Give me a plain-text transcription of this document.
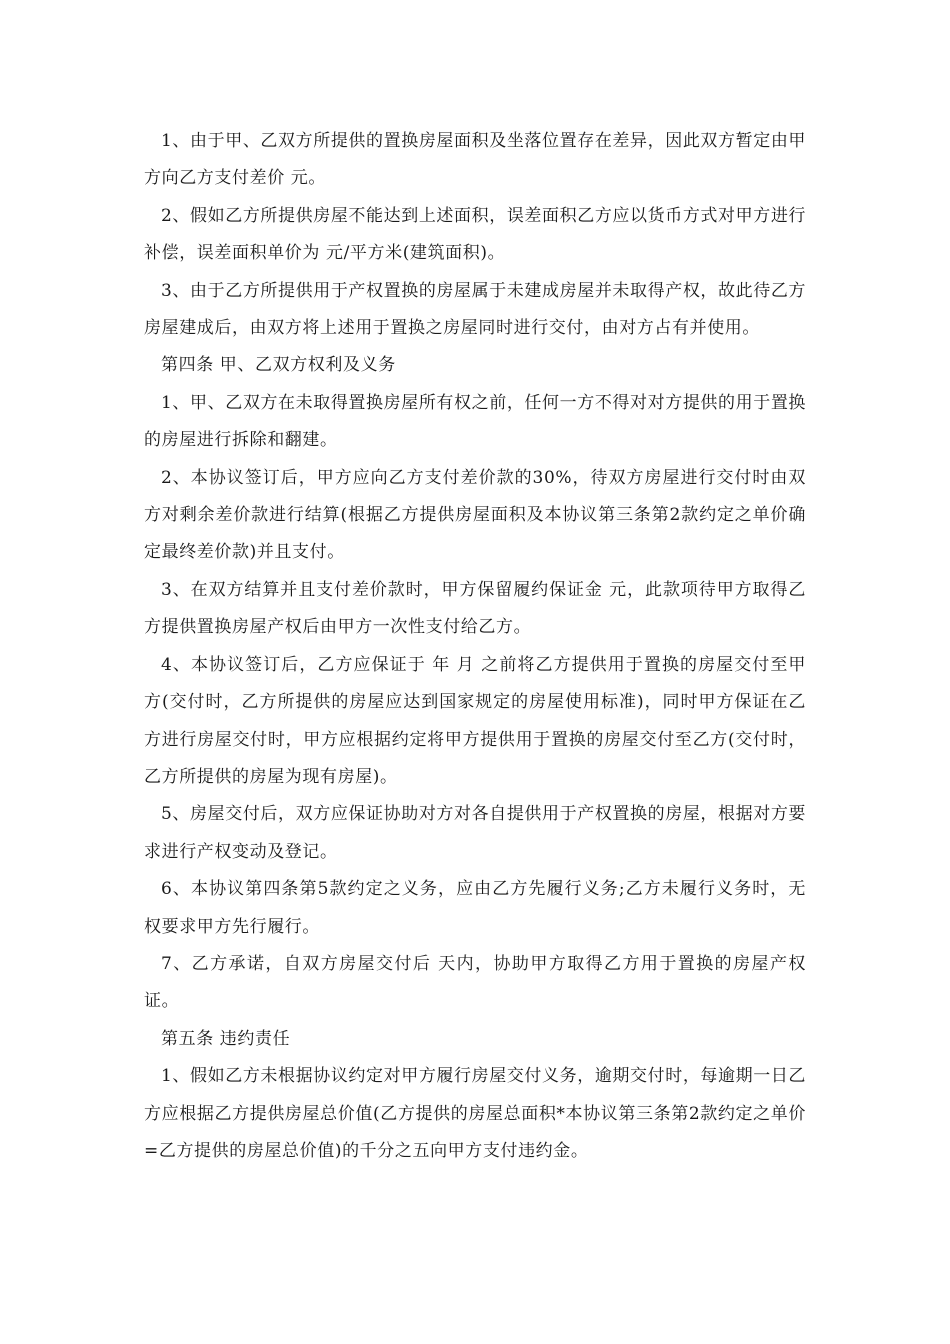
1、由于甲、乙双方所提供的置换房屋面积及坐落位置存在差异，因此双方暂定由甲方向乙方支付差价 元。

2、假如乙方所提供房屋不能达到上述面积，误差面积乙方应以货币方式对甲方进行补偿，误差面积单价为 元/平方米(建筑面积)。

3、由于乙方所提供用于产权置换的房屋属于未建成房屋并未取得产权，故此待乙方房屋建成后，由双方将上述用于置换之房屋同时进行交付，由对方占有并使用。

第四条 甲、乙双方权利及义务

1、甲、乙双方在未取得置换房屋所有权之前，任何一方不得对对方提供的用于置换的房屋进行拆除和翻建。

2、本协议签订后，甲方应向乙方支付差价款的30%，待双方房屋进行交付时由双方对剩余差价款进行结算(根据乙方提供房屋面积及本协议第三条第2款约定之单价确定最终差价款)并且支付。

3、在双方结算并且支付差价款时，甲方保留履约保证金 元，此款项待甲方取得乙方提供置换房屋产权后由甲方一次性支付给乙方。

4、本协议签订后，乙方应保证于 年 月 之前将乙方提供用于置换的房屋交付至甲方(交付时，乙方所提供的房屋应达到国家规定的房屋使用标准)，同时甲方保证在乙方进行房屋交付时，甲方应根据约定将甲方提供用于置换的房屋交付至乙方(交付时，乙方所提供的房屋为现有房屋)。

5、房屋交付后，双方应保证协助对方对各自提供用于产权置换的房屋，根据对方要求进行产权变动及登记。

6、本协议第四条第5款约定之义务，应由乙方先履行义务;乙方未履行义务时，无权要求甲方先行履行。

7、乙方承诺，自双方房屋交付后 天内，协助甲方取得乙方用于置换的房屋产权证。

第五条 违约责任

1、假如乙方未根据协议约定对甲方履行房屋交付义务，逾期交付时，每逾期一日乙方应根据乙方提供房屋总价值(乙方提供的房屋总面积*本协议第三条第2款约定之单价=乙方提供的房屋总价值)的千分之五向甲方支付违约金。
